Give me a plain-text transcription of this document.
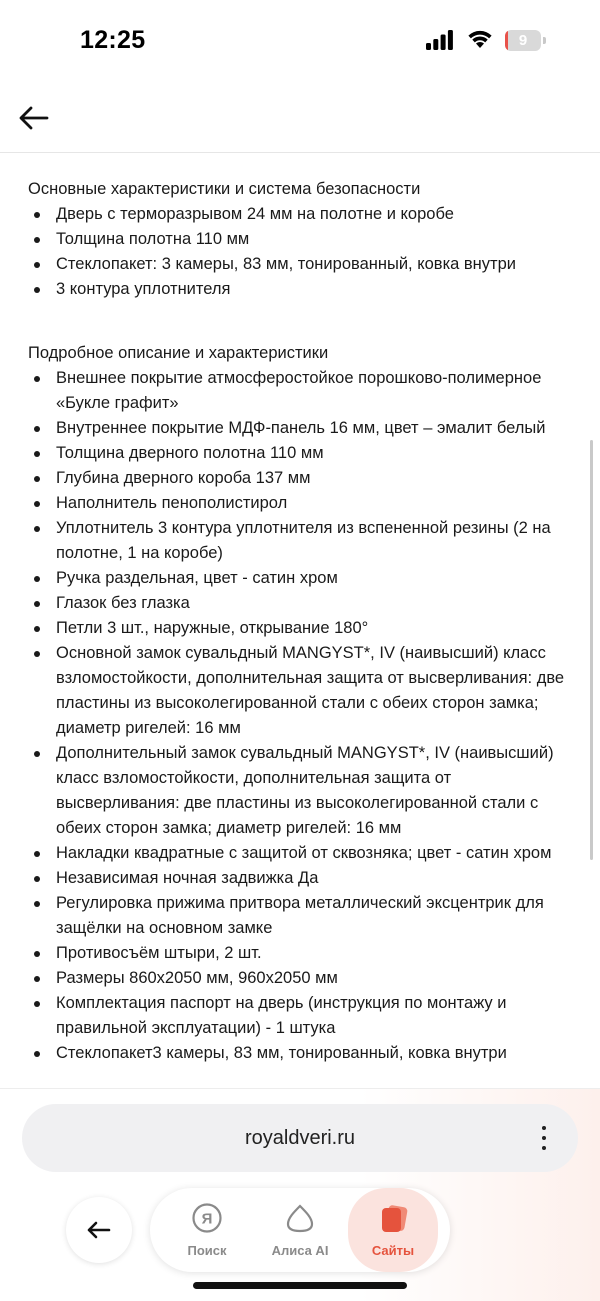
12:25	9
Основные характеристики и система безопасности
Дверь с терморазрывом 24 мм на полотне и коробе
Толщина полотна 110 мм
Стеклопакет: 3 камеры, 83 мм, тонированный, ковка внутри
3 контура уплотнителя
Подробное описание и характеристики
Внешнее покрытие атмосферостойкое порошково-полимерное «Букле графит»
Внутреннее покрытие МДФ-панель 16 мм, цвет – эмалит белый
Толщина дверного полотна 110 мм
Глубина дверного короба 137 мм
Наполнитель пенополистирол
Уплотнитель 3 контура уплотнителя из вспененной резины (2 на полотне, 1 на коробе)
Ручка раздельная, цвет - сатин хром
Глазок без глазка
Петли 3 шт., наружные, открывание 180°
Основной замок сувальдный MANGYST*, IV (наивысший) класс взломостойкости, дополнительная защита от высверливания: две пластины из высоколегированной стали с обеих сторон замка; диаметр ригелей: 16 мм
Дополнительный замок сувальдный MANGYST*, IV (наивысший) класс взломостойкости, дополнительная защита от высверливания: две пластины из высоколегированной стали с обеих сторон замка; диаметр ригелей: 16 мм
Накладки квадратные с защитой от сквозняка; цвет - сатин хром
Независимая ночная задвижка Да
Регулировка прижима притвора металлический эксцентрик для защёлки на основном замке
Противосъём штыри, 2 шт.
Размеры 860х2050 мм, 960х2050 мм
Комплектация паспорт на дверь (инструкция по монтажу и правильной эксплуатации) - 1 штука
Стеклопакет3 камеры, 83 мм, тонированный, ковка внутри
royaldveri.ru
Я
Поиск	Алиса AI	Сайты
